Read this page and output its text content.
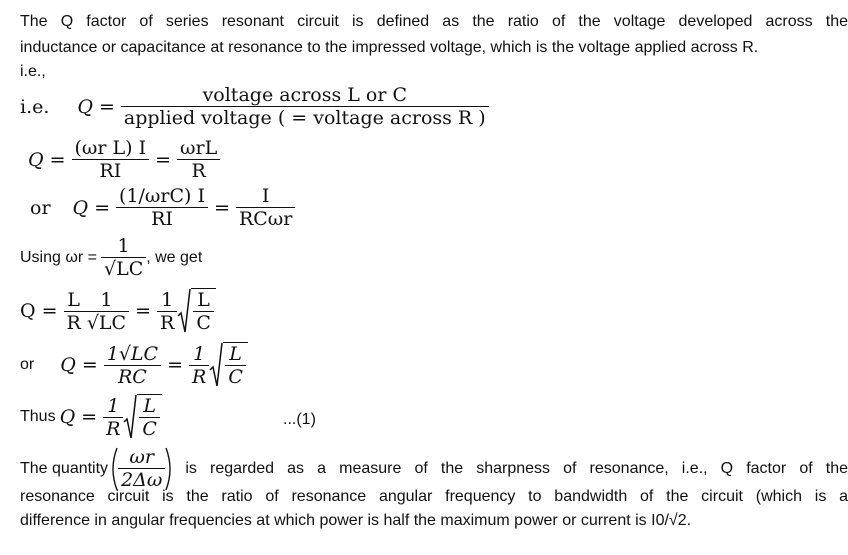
The Q factor of series resonant circuit is defined as the ratio of the voltage developed across the
inductance or capacitance at resonance to the impressed voltage, which is the voltage applied across R.
i.e.,
i.e. $Q = \frac{\text{voltage across L or C}}{\text{applied voltage ( = voltage across R )}}$
$Q = \frac{\text{(ωr L) I}}{RI} = \frac{\text{ωrL}}{R}$
or $Q = \frac{\text{(1/ωrC) I}}{RI} = \frac{I}{\text{RCωr}}$
Using $\omega r = \frac{1}{√LC}$ , we get
$Q = \frac{L}{R} \frac{1}{√LC} = \frac{1}{R} \frac{L}{C}$
or $Q = \frac{1√LC}{RC} = \frac{1}{R} \frac{L}{C}$
Thus $Q = \frac{1}{R} \frac{L}{C}$	...(1)
The quantity $\frac{\omega r}{2\Delta\omega}$ is regarded as a measure of the sharpness of resonance, i.e., Q factor of the
resonance circuit is the ratio of resonance angular frequency to bandwidth of the circuit (which is a
difference in angular frequencies at which power is half the maximum power or current is I0/√2.
